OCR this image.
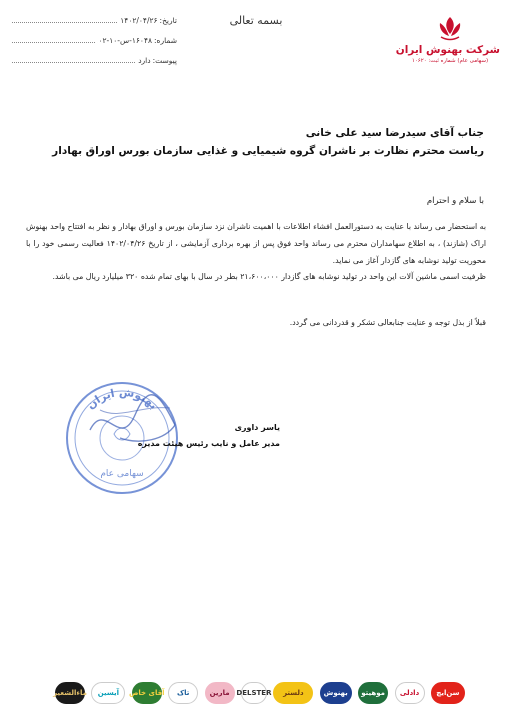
بسمه تعالی
تاریخ:
۱۴۰۲/۰۴/۲۶
شماره:
۱۶۰۴۸-س-۱۰-۰۲
پیوست:
دارد
شرکت بهنوش ایران
(سهامی عام) شماره ثبت: ۱۰۶۲۰
جناب آقای سیدرضا سید علی خانی
ریاست محترم نظارت بر ناشران گروه شیمیایی و غذایی سازمان بورس اوراق بهادار
با سلام و احترام
به استحضار می رساند با عنایت به دستورالعمل افشاء اطلاعات با اهمیت ناشران نزد سازمان بورس و اوراق بهادار و نظر به افتتاح واحد بهنوش اراک (شازند) ، به اطلاع سهامداران محترم می رساند واحد فوق پس از بهره برداری آزمایشی ، از تاریخ ۱۴۰۲/۰۴/۲۶ فعالیت رسمی خود را با محوریت تولید نوشابه های گازدار آغاز می نماید.
ظرفیت اسمی ماشین آلات این واحد در تولید نوشابه های گازدار ۲۱،۶۰۰،۰۰۰ بطر در سال با بهای تمام شده ۳۲۰ میلیارد ریال می باشد.
قبلاً از بذل توجه و عنایت جنابعالی تشکر و قدردانی می گردد.
بهنوش ایران
سهامی عام
یاسر داوری
مدیر عامل و نایب رئیس هیئت مدیره
سن‌ایچ
دادلی
موهیتو
بهنوش
دلستر
DELSTER
مارین
تاک
آقای خاص
آیسین
ماءالشعیر
